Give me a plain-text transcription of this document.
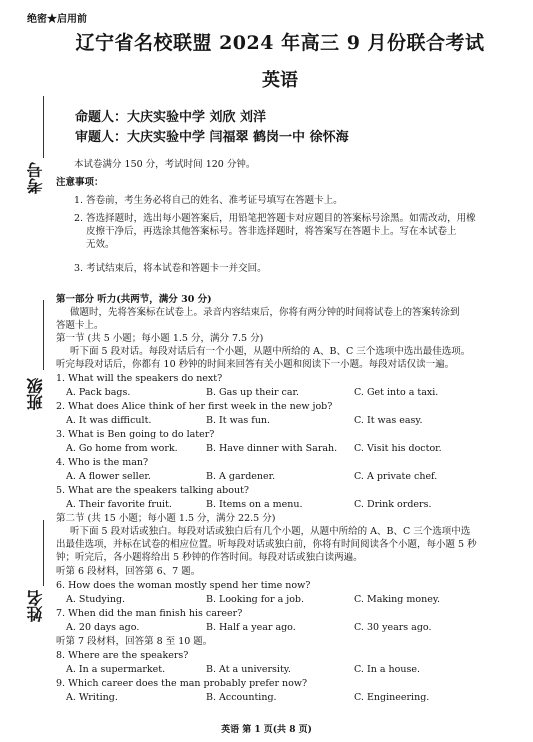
考号
班级
姓名
绝密★启用前
辽宁省名校联盟 2024 年高三 9 月份联合考试
英语
命题人：大庆实验中学 刘欣 刘洋
审题人：大庆实验中学 闫福翠 鹤岗一中 徐怀海
本试卷满分 150 分，考试时间 120 分钟。
注意事项：
1. 答卷前，考生务必将自己的姓名、准考证号填写在答题卡上。
2. 答选择题时，选出每小题答案后，用铅笔把答题卡对应题目的答案标号涂黑。如需改动，用橡
皮擦干净后，再选涂其他答案标号。答非选择题时，将答案写在答题卡上。写在本试卷上
无效。
3. 考试结束后，将本试卷和答题卡一并交回。
第一部分 听力(共两节，满分 30 分)
做题时，先将答案标在试卷上。录音内容结束后，你将有两分钟的时间将试卷上的答案转涂到
答题卡上。
第一节 (共 5 小题；每小题 1.5 分，满分 7.5 分)
听下面 5 段对话。每段对话后有一个小题，从题中所给的 A、B、C 三个选项中选出最佳选项。
听完每段对话后，你都有 10 秒钟的时间来回答有关小题和阅读下一小题。每段对话仅读一遍。
1. What will the speakers do next?
A. Pack bags.	B. Gas up their car.	C. Get into a taxi.
2. What does Alice think of her first week in the new job?
A. It was difficult.	B. It was fun.	C. It was easy.
3. What is Ben going to do later?
A. Go home from work.	B. Have dinner with Sarah. C. Visit his doctor.
4. Who is the man?
A. A flower seller.	B. A gardener.	C. A private chef.
5. What are the speakers talking about?
A. Their favorite fruit.	B. Items on a menu.	C. Drink orders.
第二节 (共 15 小题；每小题 1.5 分，满分 22.5 分)
听下面 5 段对话或独白。每段对话或独白后有几个小题，从题中所给的 A、B、C 三个选项中选
出最佳选项，并标在试卷的相应位置。听每段对话或独白前，你将有时间阅读各个小题，每小题 5 秒
钟；听完后，各小题将给出 5 秒钟的作答时间。每段对话或独白读两遍。
听第 6 段材料，回答第 6、7 题。
6. How does the woman mostly spend her time now?
A. Studying.	B. Looking for a job.	C. Making money.
7. When did the man finish his career?
A. 20 days ago.	B. Half a year ago.	C. 30 years ago.
听第 7 段材料，回答第 8 至 10 题。
8. Where are the speakers?
A. In a supermarket.	B. At a university.	C. In a house.
9. Which career does the man probably prefer now?
A. Writing.	B. Accounting.	C. Engineering.
英语 第 1 页(共 8 页)
